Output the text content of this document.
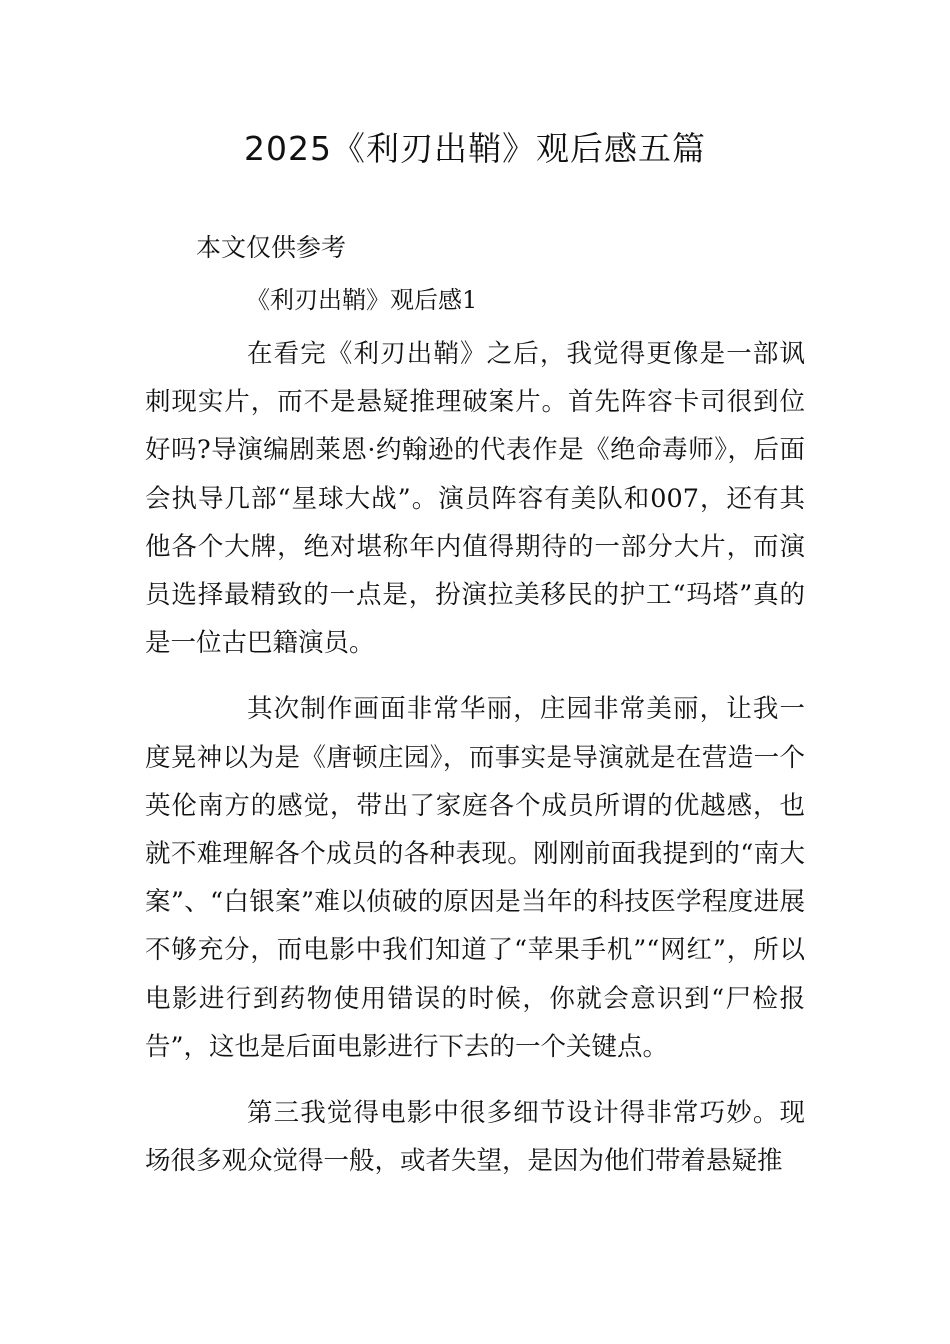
2025《利刃出鞘》观后感五篇
本文仅供参考
《利刃出鞘》观后感1

在看完《利刃出鞘》之后，我觉得更像是一部讽刺现实片，而不是悬疑推理破案片。首先阵容卡司很到位好吗?导演编剧莱恩·约翰逊的代表作是《绝命毒师》，后面会执导几部“星球大战”。演员阵容有美队和007，还有其他各个大牌，绝对堪称年内值得期待的一部分大片，而演员选择最精致的一点是，扮演拉美移民的护工“玛塔”真的是一位古巴籍演员。

其次制作画面非常华丽，庄园非常美丽，让我一度晃神以为是《唐顿庄园》，而事实是导演就是在营造一个英伦南方的感觉，带出了家庭各个成员所谓的优越感，也就不难理解各个成员的各种表现。刚刚前面我提到的“南大案”、“白银案”难以侦破的原因是当年的科技医学程度进展不够充分，而电影中我们知道了“苹果手机”“网红”，所以电影进行到药物使用错误的时候，你就会意识到“尸检报告”，这也是后面电影进行下去的一个关键点。

第三我觉得电影中很多细节设计得非常巧妙。现场很多观众觉得一般，或者失望，是因为他们带着悬疑推
